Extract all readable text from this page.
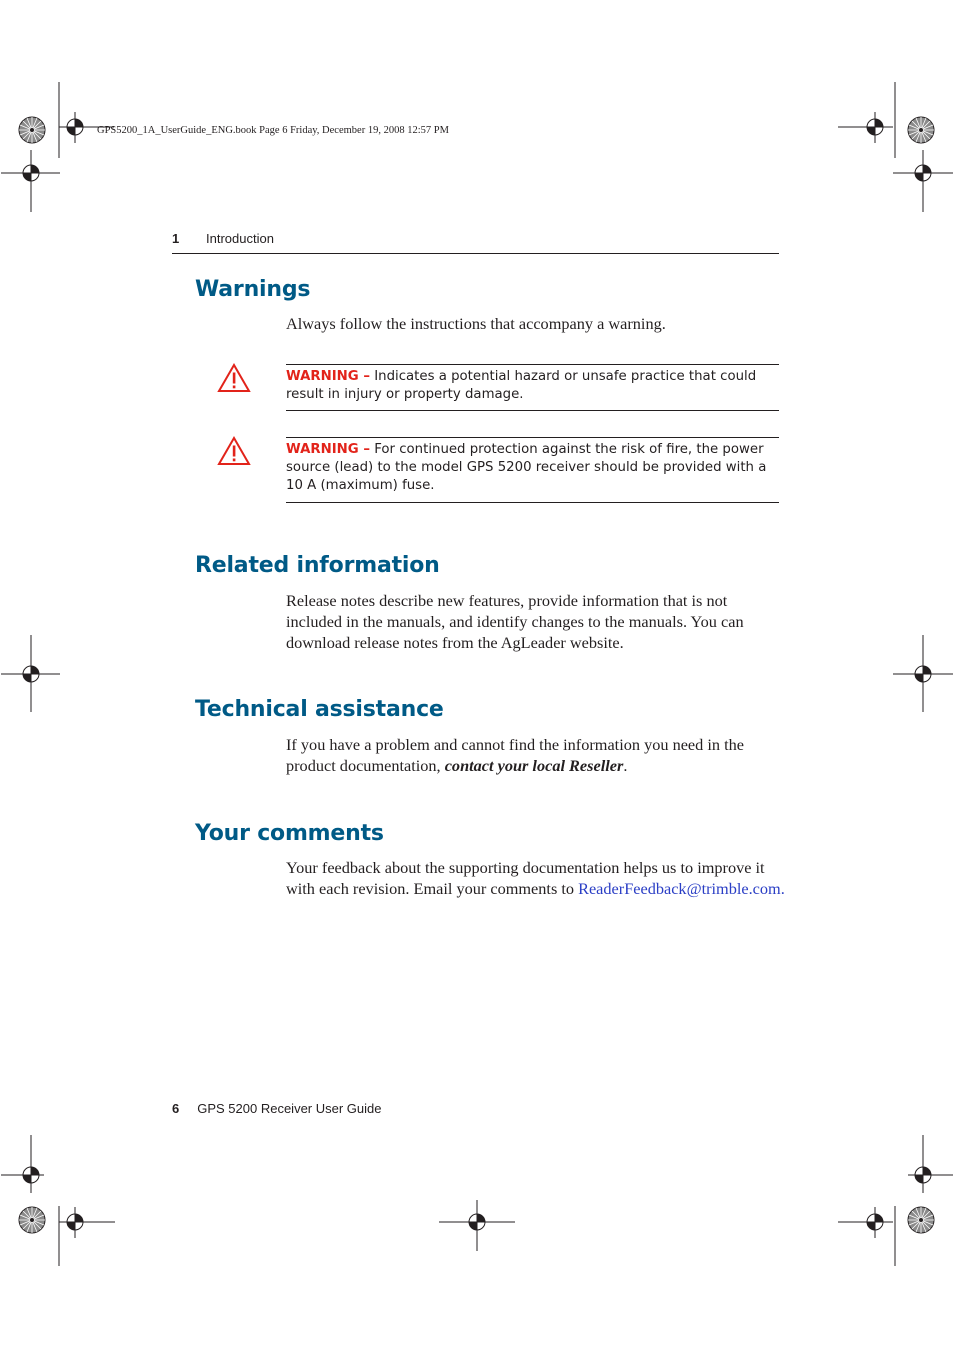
GPS5200_1A_UserGuide_ENG.book Page 6 Friday, December 19, 2008 12:57 PM
1 Introduction
Warnings

Always follow the instructions that accompany a warning.

WARNING – Indicates a potential hazard or unsafe practice that could result in injury or property damage.
WARNING – For continued protection against the risk of fire, the power source (lead) to the model GPS 5200 receiver should be provided with a 10 A (maximum) fuse.
Related information

Release notes describe new features, provide information that is not included in the manuals, and identify changes to the manuals. You can download release notes from the AgLeader website.

Technical assistance

If you have a problem and cannot find the information you need in the product documentation, contact your local Reseller.

Your comments

Your feedback about the supporting documentation helps us to improve it with each revision. Email your comments to ReaderFeedback@trimble.com.

6 GPS 5200 Receiver User Guide
